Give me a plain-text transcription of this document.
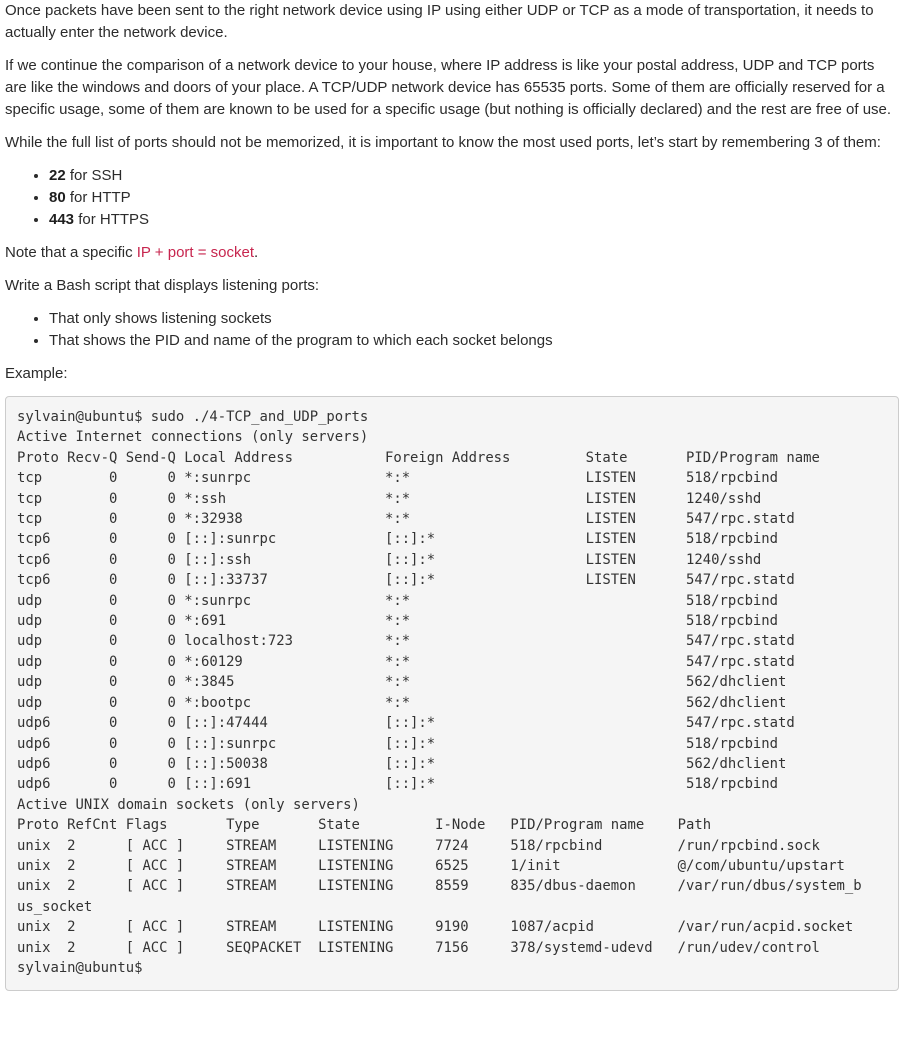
Once packets have been sent to the right network device using IP using either UDP or TCP as a mode of transportation, it needs to actually enter the network device.

If we continue the comparison of a network device to your house, where IP address is like your postal address, UDP and TCP ports are like the windows and doors of your place. A TCP/UDP network device has 65535 ports. Some of them are officially reserved for a specific usage, some of them are known to be used for a specific usage (but nothing is officially declared) and the rest are free of use.

While the full list of ports should not be memorized, it is important to know the most used ports, let’s start by remembering 3 of them:

• 22 for SSH
• 80 for HTTP
• 443 for HTTPS

Note that a specific IP + port = socket.

Write a Bash script that displays listening ports:

• That only shows listening sockets
• That shows the PID and name of the program to which each socket belongs

Example:

sylvain@ubuntu$ sudo ./4-TCP_and_UDP_ports
Active Internet connections (only servers)
Proto Recv-Q Send-Q Local Address           Foreign Address         State       PID/Program name
tcp        0      0 *:sunrpc                *:*                     LISTEN      518/rpcbind
tcp        0      0 *:ssh                   *:*                     LISTEN      1240/sshd
tcp        0      0 *:32938                 *:*                     LISTEN      547/rpc.statd
tcp6       0      0 [::]:sunrpc             [::]:*                  LISTEN      518/rpcbind
tcp6       0      0 [::]:ssh                [::]:*                  LISTEN      1240/sshd
tcp6       0      0 [::]:33737              [::]:*                  LISTEN      547/rpc.statd
udp        0      0 *:sunrpc                *:*                                 518/rpcbind
udp        0      0 *:691                   *:*                                 518/rpcbind
udp        0      0 localhost:723           *:*                                 547/rpc.statd
udp        0      0 *:60129                 *:*                                 547/rpc.statd
udp        0      0 *:3845                  *:*                                 562/dhclient
udp        0      0 *:bootpc                *:*                                 562/dhclient
udp6       0      0 [::]:47444              [::]:*                              547/rpc.statd
udp6       0      0 [::]:sunrpc             [::]:*                              518/rpcbind
udp6       0      0 [::]:50038              [::]:*                              562/dhclient
udp6       0      0 [::]:691                [::]:*                              518/rpcbind
Active UNIX domain sockets (only servers)
Proto RefCnt Flags       Type       State         I-Node   PID/Program name    Path
unix  2      [ ACC ]     STREAM     LISTENING     7724     518/rpcbind         /run/rpcbind.sock
unix  2      [ ACC ]     STREAM     LISTENING     6525     1/init              @/com/ubuntu/upstart
unix  2      [ ACC ]     STREAM     LISTENING     8559     835/dbus-daemon     /var/run/dbus/system_b
us_socket
unix  2      [ ACC ]     STREAM     LISTENING     9190     1087/acpid          /var/run/acpid.socket
unix  2      [ ACC ]     SEQPACKET  LISTENING     7156     378/systemd-udevd   /run/udev/control
sylvain@ubuntu$
